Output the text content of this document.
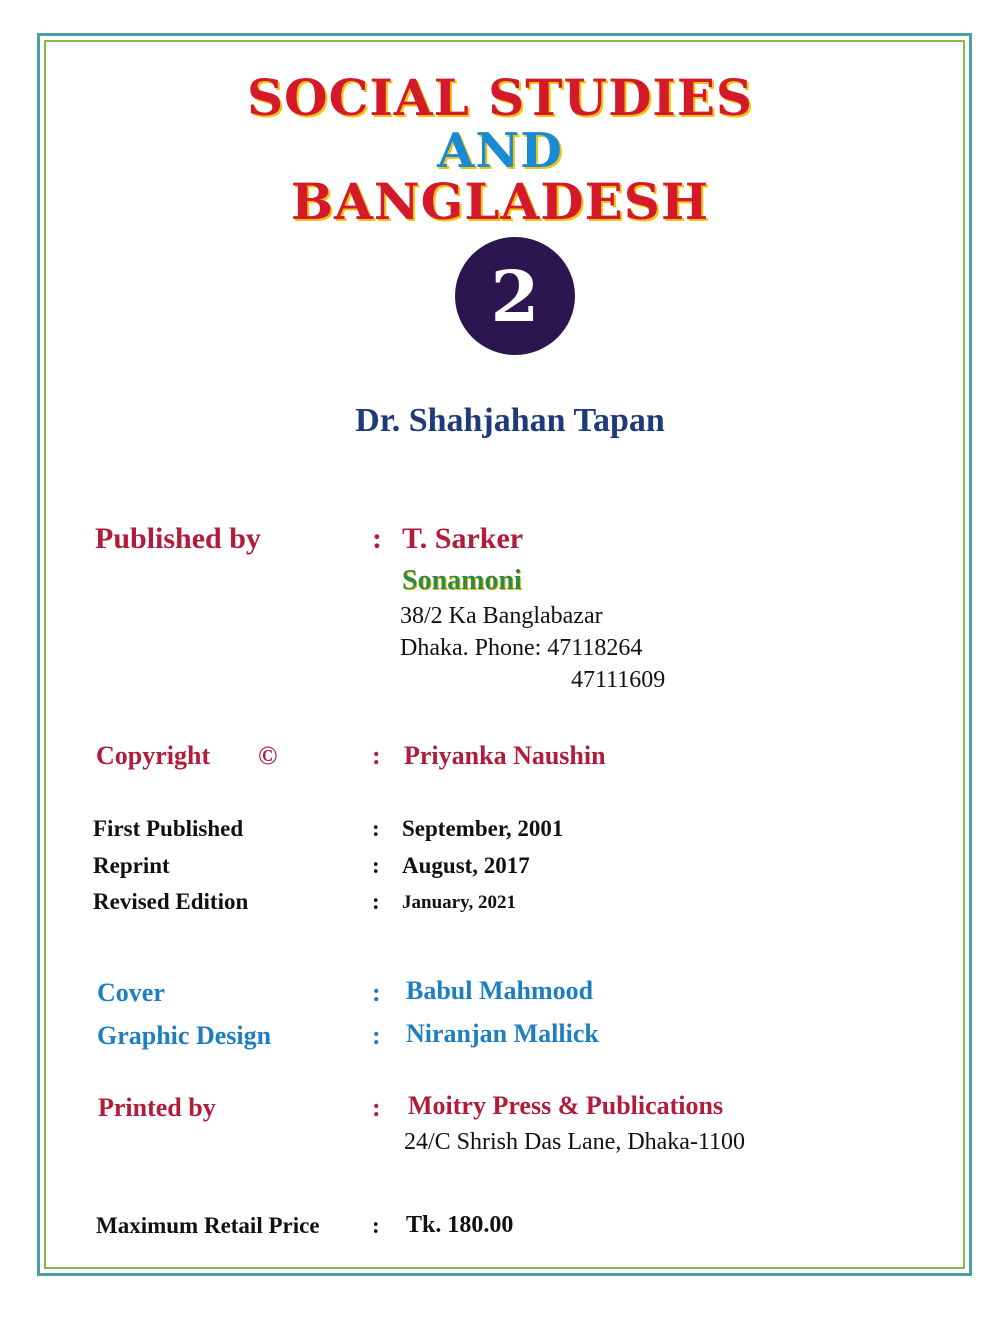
SOCIAL STUDIES
AND
BANGLADESH
2
Dr. Shahjahan Tapan
Published by	: T. Sarker
Sonamoni
38/2 Ka Banglabazar
Dhaka. Phone: 47118264
47111609
Copyright ©	: Priyanka Naushin
First Published	: September, 2001
Reprint	: August, 2017
Revised Edition	: January, 2021
Cover	: Babul Mahmood
Graphic Design	: Niranjan Mallick
Printed by	: Moitry Press & Publications
24/C Shrish Das Lane, Dhaka-1100
Maximum Retail Price : Tk. 180.00
